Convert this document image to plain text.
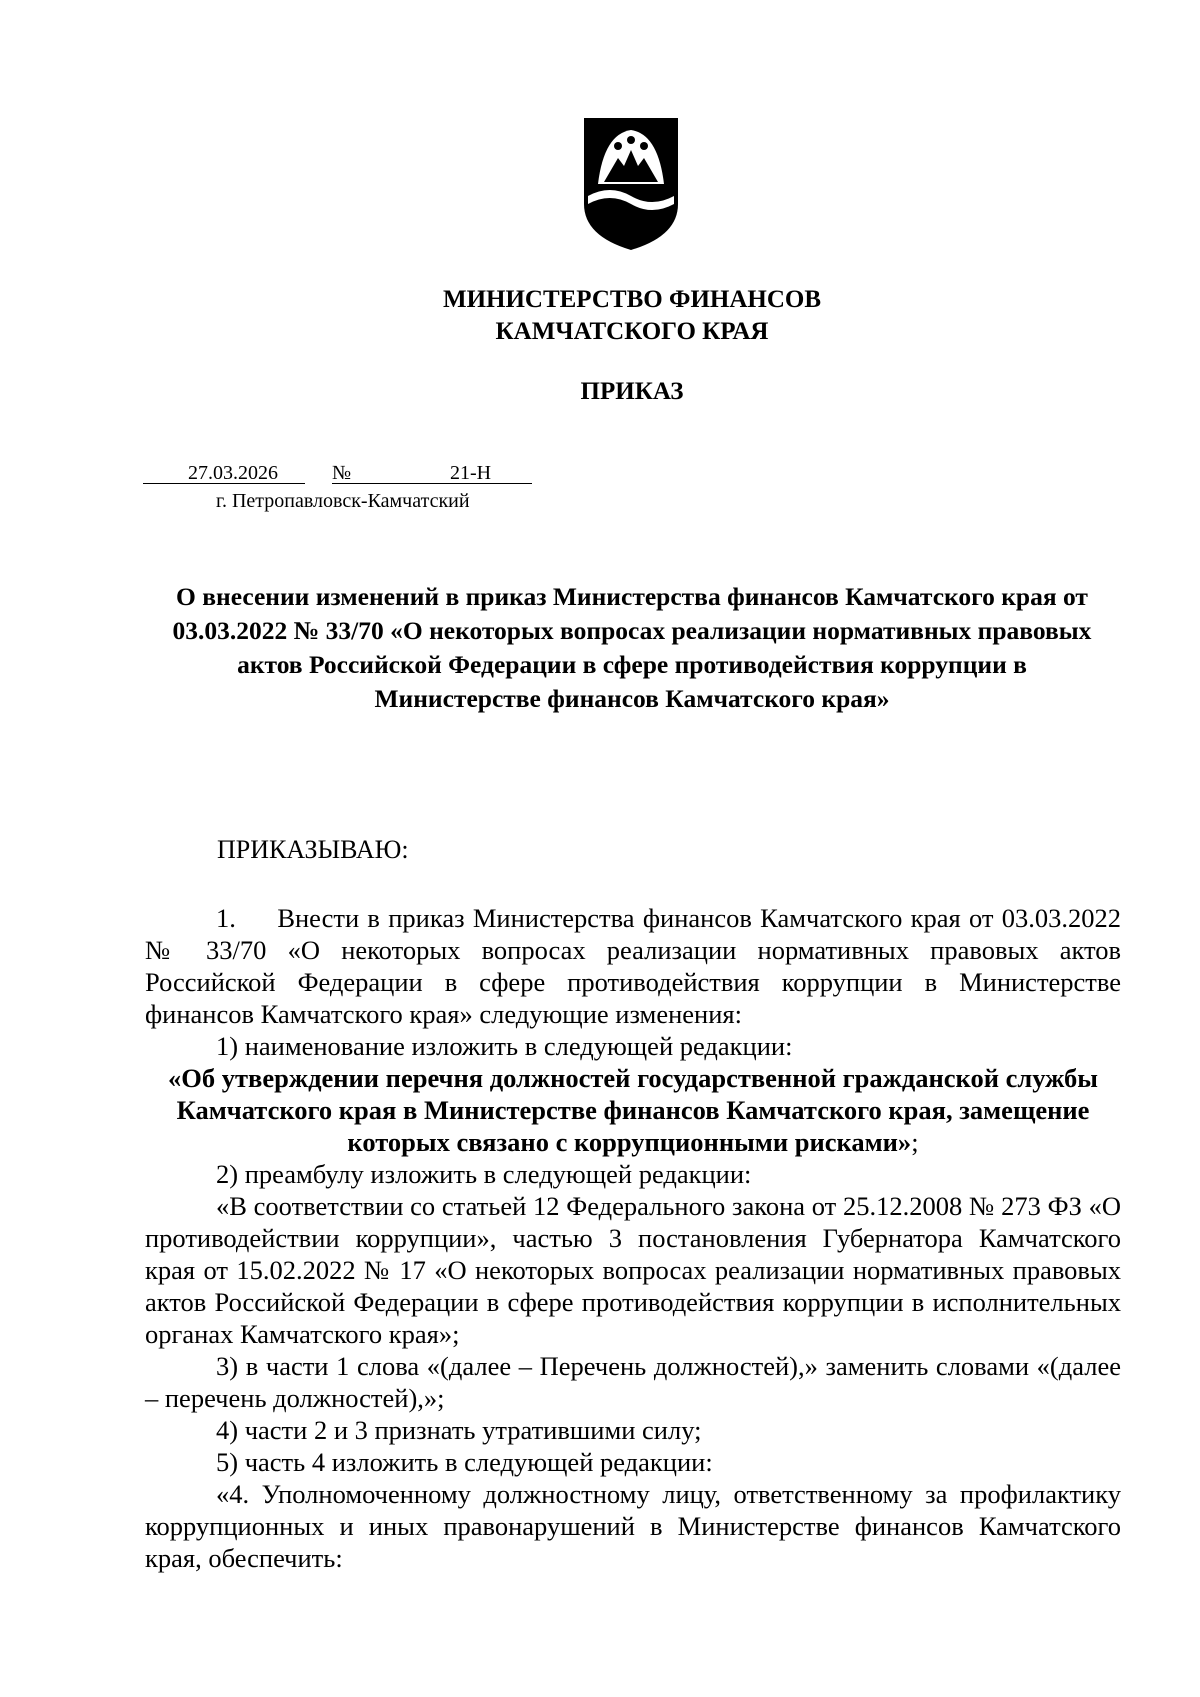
МИНИСТЕРСТВО ФИНАНСОВ
КАМЧАТСКОГО КРАЯ
ПРИКАЗ
27.03.2026	№	21-Н
г. Петропавловск-Камчатский
О внесении изменений в приказ Министерства финансов Камчатского края от 03.03.2022 № 33/70 «О некоторых вопросах реализации нормативных правовых актов Российской Федерации в сфере противодействия коррупции в Министерстве финансов Камчатского края»
ПРИКАЗЫВАЮ:

1.     Внести в приказ Министерства финансов Камчатского края от 03.03.2022 № 33/70 «О некоторых вопросах реализации нормативных правовых актов Российской Федерации в сфере противодействия коррупции в Министерстве финансов Камчатского края» следующие изменения:

1) наименование изложить в следующей редакции:

«Об утверждении перечня должностей государственной гражданской службы Камчатского края в Министерстве финансов Камчатского края, замещение которых связано с коррупционными рисками»;

2) преамбулу изложить в следующей редакции:

«В соответствии со статьей 12 Федерального закона от 25.12.2008 № 273 ФЗ «О противодействии коррупции», частью 3 постановления Губернатора Камчатского края от 15.02.2022 № 17 «О некоторых вопросах реализации нормативных правовых актов Российской Федерации в сфере противодействия коррупции в исполнительных органах Камчатского края»;

3) в части 1 слова «(далее – Перечень должностей),» заменить словами «(далее – перечень должностей),»;

4) части 2 и 3 признать утратившими силу;

5) часть 4 изложить в следующей редакции:

«4. Уполномоченному должностному лицу, ответственному за профилактику коррупционных и иных правонарушений в Министерстве финансов Камчатского края, обеспечить:
